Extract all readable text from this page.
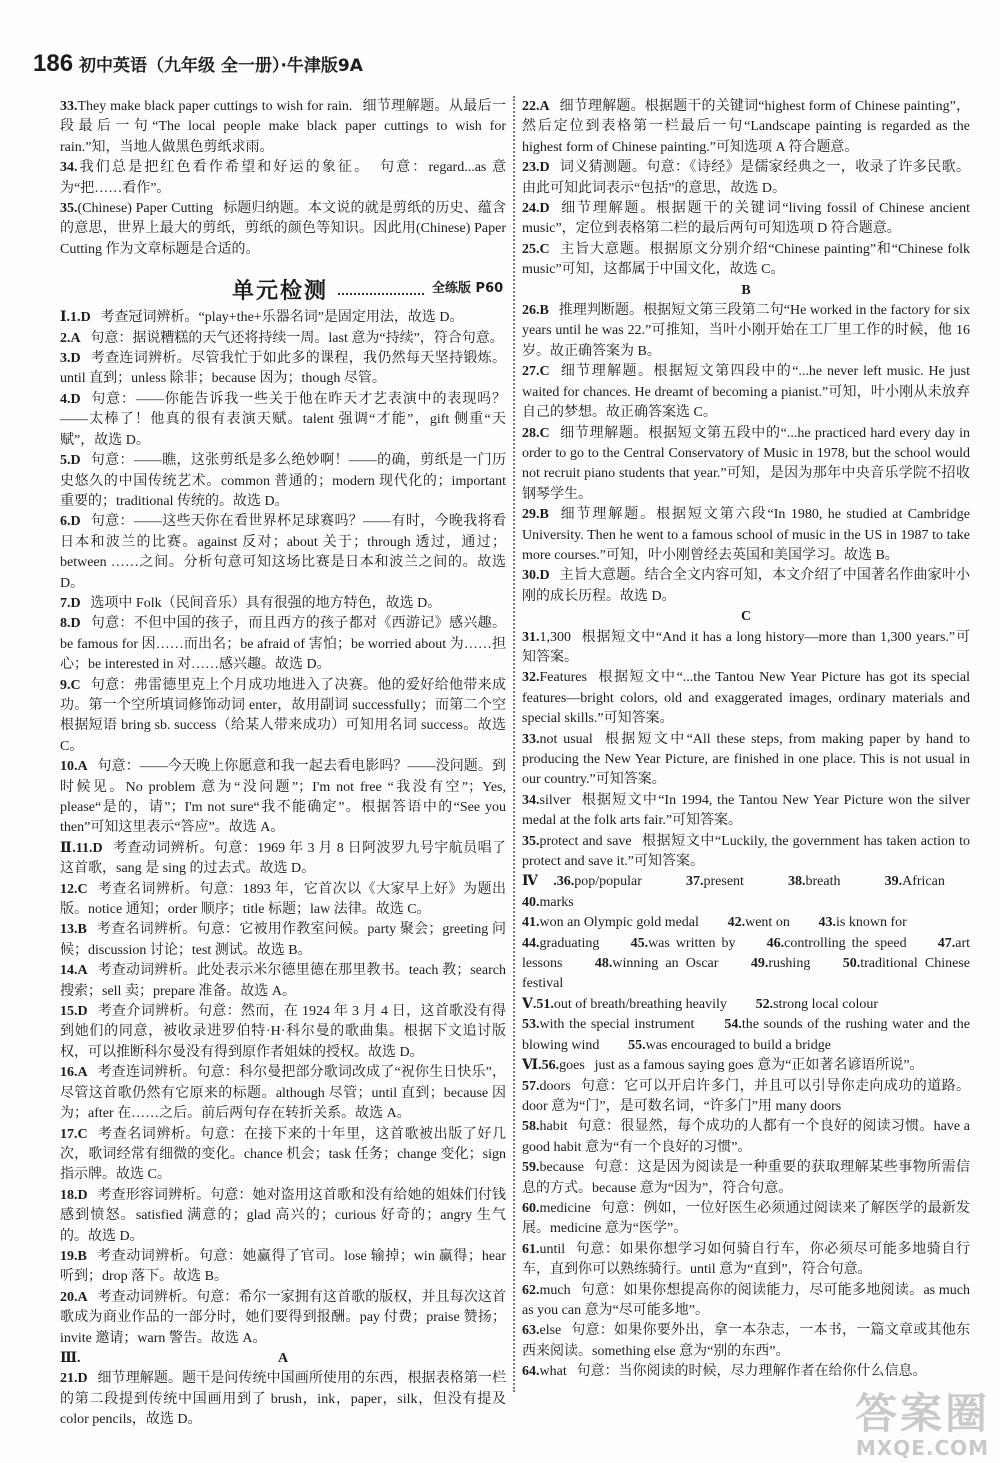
186 初中英语（九年级 全一册）·牛津版9A

33.They make black paper cuttings to wish for rain. 细节理解题。从最后一段最后一句“The local people make black paper cuttings to wish for rain.”知，当地人做黑色剪纸求雨。

34.我们总是把红色看作希望和好运的象征。 句意：regard...as 意为“把……看作”。

35.(Chinese) Paper Cutting 标题归纳题。本文说的就是剪纸的历史、蕴含的意思，世界上最大的剪纸，剪纸的颜色等知识。因此用(Chinese) Paper Cutting 作为文章标题是合适的。

单元检测	全练版 P60

Ⅰ.1.D 考查冠词辨析。“play+the+乐器名词”是固定用法，故选 D。

2.A 句意：据说糟糕的天气还将持续一周。last 意为“持续”，符合句意。

3.D 考查连词辨析。尽管我忙于如此多的课程，我仍然每天坚持锻炼。until 直到；unless 除非；because 因为；though 尽管。

4.D 句意：——你能告诉我一些关于他在昨天才艺表演中的表现吗？——太棒了！他真的很有表演天赋。talent 强调“才能”，gift 侧重“天赋”，故选 D。

5.D 句意：——瞧，这张剪纸是多么绝妙啊！——的确，剪纸是一门历史悠久的中国传统艺术。common 普通的；modern 现代化的；important 重要的；traditional 传统的。故选 D。

6.D 句意：——这些天你在看世界杯足球赛吗？——有时，今晚我将看日本和波兰的比赛。against 反对；about 关于；through 透过，通过；between ……之间。分析句意可知这场比赛是日本和波兰之间的。故选 D。

7.D 选项中 Folk（民间音乐）具有很强的地方特色，故选 D。

8.D 句意：不但中国的孩子，而且西方的孩子都对《西游记》感兴趣。be famous for 因……而出名；be afraid of 害怕；be worried about 为……担心；be interested in 对……感兴趣。故选 D。

9.C 句意：弗雷德里克上个月成功地进入了决赛。他的爱好给他带来成功。第一个空所填词修饰动词 enter，故用副词 successfully；而第二个空根据短语 bring sb. success（给某人带来成功）可知用名词 success。故选 C。

10.A 句意：——今天晚上你愿意和我一起去看电影吗？——没问题。到时候见。No problem 意为“没问题”；I'm not free “我没有空”；Yes, please“是的，请”；I'm not sure“我不能确定”。根据答语中的“See you then”可知这里表示“答应”。故选 A。

Ⅱ.11.D 考查动词辨析。句意：1969 年 3 月 8 日阿波罗九号宇航员唱了这首歌，sang 是 sing 的过去式。故选 D。

12.C 考查名词辨析。句意：1893 年，它首次以《大家早上好》为题出版。notice 通知；order 顺序；title 标题；law 法律。故选 C。

13.B 考查名词辨析。句意：它被用作教室问候。party 聚会；greeting 问候；discussion 讨论；test 测试。故选 B。

14.A 考查动词辨析。此处表示米尔德里德在那里教书。teach 教；search 搜索；sell 卖；prepare 准备。故选 A。

15.D 考查介词辨析。句意：然而，在 1924 年 3 月 4 日，这首歌没有得到她们的同意，被收录进罗伯特·H·科尔曼的歌曲集。根据下文追讨版权，可以推断科尔曼没有得到原作者姐妹的授权。故选 D。

16.A 考查连词辨析。句意：科尔曼把部分歌词改成了“祝你生日快乐”，尽管这首歌仍然有它原来的标题。although 尽管；until 直到；because 因为；after 在……之后。前后两句存在转折关系。故选 A。

17.C 考查名词辨析。句意：在接下来的十年里，这首歌被出版了好几次，歌词经常有细微的变化。chance 机会；task 任务；change 变化；sign 指示牌。故选 C。

18.D 考查形容词辨析。句意：她对盗用这首歌和没有给她的姐妹们付钱感到愤怒。satisfied 满意的；glad 高兴的；curious 好奇的；angry 生气的。故选 D。

19.B 考查动词辨析。句意：她赢得了官司。lose 输掉；win 赢得；hear 听到；drop 落下。故选 B。

20.A 考查动词辨析。句意：希尔一家拥有这首歌的版权，并且每次这首歌成为商业作品的一部分时，她们要得到报酬。pay 付费；praise 赞扬；invite 邀请；warn 警告。故选 A。

Ⅲ.	A

21.D 细节理解题。题干是问传统中国画所使用的东西，根据表格第一栏的第二段提到传统中国画用到了 brush，ink，paper，silk，但没有提及 color pencils，故选 D。

22.A 细节理解题。根据题干的关键词“highest form of Chinese painting”，然后定位到表格第一栏最后一句“Landscape painting is regarded as the highest form of Chinese painting.”可知选项 A 符合题意。

23.D 词义猜测题。句意：《诗经》是儒家经典之一，收录了许多民歌。由此可知此词表示“包括”的意思，故选 D。

24.D 细节理解题。根据题干的关键词“living fossil of Chinese ancient music”，定位到表格第二栏的最后两句可知选项 D 符合题意。

25.C 主旨大意题。根据原文分别介绍“Chinese painting”和“Chinese folk music”可知，这都属于中国文化，故选 C。

B

26.B 推理判断题。根据短文第三段第二句“He worked in the factory for six years until he was 22.”可推知，当叶小刚开始在工厂里工作的时候，他 16 岁。故正确答案为 B。

27.C 细节理解题。根据短文第四段中的“...he never left music. He just waited for chances. He dreamt of becoming a pianist.”可知，叶小刚从未放弃自己的梦想。故正确答案选 C。

28.C 细节理解题。根据短文第五段中的“...he practiced hard every day in order to go to the Central Conservatory of Music in 1978, but the school would not recruit piano students that year.”可知，是因为那年中央音乐学院不招收钢琴学生。

29.B 细节理解题。根据短文第六段“In 1980, he studied at Cambridge University. Then he went to a famous school of music in the US in 1987 to take more courses.”可知，叶小刚曾经去英国和美国学习。故选 B。

30.D 主旨大意题。结合全文内容可知，本文介绍了中国著名作曲家叶小刚的成长历程。故选 D。

C

31.1,300 根据短文中“And it has a long history—more than 1,300 years.”可知答案。

32.Features 根据短文中“...the Tantou New Year Picture has got its special features—bright colors, old and exaggerated images, ordinary materials and special skills.”可知答案。

33.not usual 根据短文中“All these steps, from making paper by hand to producing the New Year Picture, are finished in one place. This is not usual in our country.”可知答案。

34.silver 根据短文中“In 1994, the Tantou New Year Picture won the silver medal at the folk arts fair.”可知答案。

35.protect and save 根据短文中“Luckily, the government has taken action to protect and save it.”可知答案。

Ⅳ.36.pop/popular	37.present	38.breath	39.African 40.marks

41.won an Olympic gold medal 42.went on 43.is known for

44.graduating 45.was written by 46.controlling the speed 47.art lessons 48.winning an Oscar 49.rushing 50.traditional Chinese festival

Ⅴ.51.out of breath/breathing heavily 52.strong local colour

53.with the special instrument 54.the sounds of the rushing water and the blowing wind 55.was encouraged to build a bridge

Ⅵ.56.goes just as a famous saying goes 意为“正如著名谚语所说”。

57.doors 句意：它可以开启许多门，并且可以引导你走向成功的道路。door 意为“门”，是可数名词，“许多门”用 many doors

58.habit 句意：很显然，每个成功的人都有一个良好的阅读习惯。have a good habit 意为“有一个良好的习惯”。

59.because 句意：这是因为阅读是一种重要的获取理解某些事物所需信息的方式。because 意为“因为”，符合句意。

60.medicine 句意：例如，一位好医生必须通过阅读来了解医学的最新发展。medicine 意为“医学”。

61.until 句意：如果你想学习如何骑自行车，你必须尽可能多地骑自行车，直到你可以熟练骑行。until 意为“直到”，符合句意。

62.much 句意：如果你想提高你的阅读能力，尽可能多地阅读。as much as you can 意为“尽可能多地”。

63.else 句意：如果你要外出，拿一本杂志，一本书，一篇文章或其他东西来阅读。something else 意为“别的东西”。

64.what 句意：当你阅读的时候，尽力理解作者在给你什么信息。

答案圈
MXQE.COM
